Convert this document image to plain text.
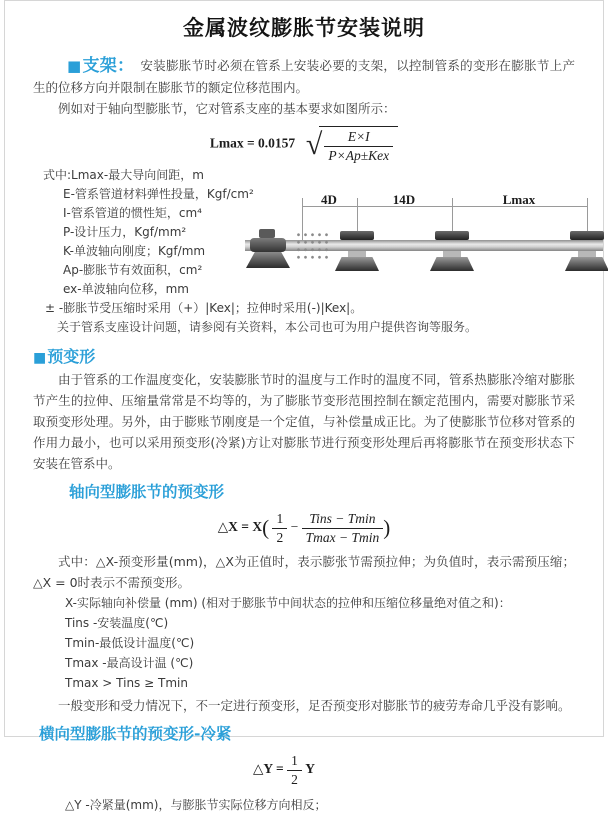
金属波纹膨胀节安装说明

■支架： 安装膨胀节时必须在管系上安装必要的支架，以控制管系的变形在膨胀节上产生的位移方向并限制在膨胀节的额定位移范围内。

例如对于轴向型膨胀节，它对管系支座的基本要求如图所示：

Lmax = 0.0157 √ $\frac{E\times I}{\text{P×Ap±Kex}}$
式中:Lmax-最大导向间距，m
E-管系管道材料弹性投量，Kgf/cm²
I-管系管道的惯性矩，cm⁴
P-设计压力，Kgf/mm²
K-单波轴向刚度；Kgf/mm
Ap-膨胀节有效面积，cm²
ex-单波轴向位移，mm
± -膨胀节受压缩时采用（+）|Kex|；拉伸时采用(-)|Kex|。
关于管系支座设计问题，请参阅有关资料，本公司也可为用户提供咨询等服务。
4D	14D	Lmax
■预变形

由于管系的工作温度变化，安装膨胀节时的温度与工作时的温度不同，管系热膨胀冷缩对膨胀节产生的拉伸、压缩量常常是不均等的，为了膨胀节变形范围控制在额定范围内，需要对膨胀节采取预变形处理。另外，由于膨账节刚度是一个定值，与补偿量成正比。为了使膨胀节位移对管系的作用力最小，也可以采用预变形(冷紧)方让对膨胀节进行预变形处理后再将膨胀节在预变形状态下安装在管系中。

轴向型膨胀节的预变形
△X = $X( \frac{1}{2} - \frac{\text{Tins − Tmin}}{Tmax - Tmin}$ )

式中：△X-预变形量(mm)，△X为正值时，表示膨张节需预拉伸；为负值时，表示需预压缩；△X = 0时表示不需预变形。

X-实际轴向补偿量 (mm) (相对于膨胀节中间状态的拉伸和压缩位移量绝对值之和)：
Tins -安装温度(℃)
Tmin-最低设计温度(℃)
Tmax -最高设计温 (℃)
Tmax > Tins ≥ Tmin

一般变形和受力情况下，不一定进行预变形，足否预变形对膨胀节的疲劳寿命几乎没有影响。

横向型膨胀节的预变形-冷紧
△Y = $\frac{1}{2}$ Y
△Y -冷紧量(mm)，与膨胀节实际位移方向相反；
